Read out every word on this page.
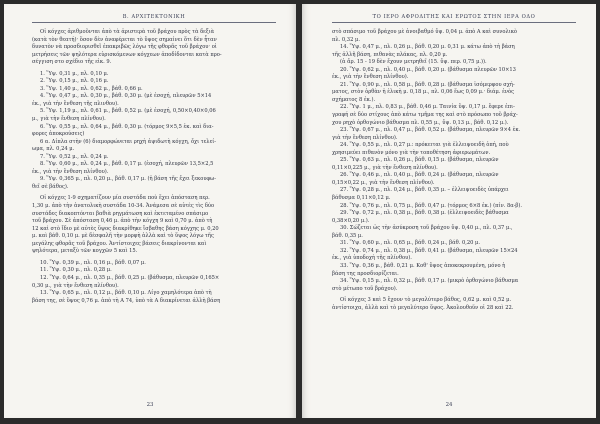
Β. ΑΡΧΙΤΕΚΤΟΝΙΚΗ

Οἱ κόγχες ἀριθμοῦνται ἀπὸ τὰ ἀριστερὰ τοῦ βράχου πρὸς τὰ δεξιὰ

(κατὰ τὸν θεατή)· ὅσον δὲν ἀναφέρεται τὸ ὕψος σημαίνει ὅτι δὲν ἦταν

δυνατὸν νὰ προσδιορισθεῖ ἐπακριβῶς λόγω τῆς φθορᾶς τοῦ βράχου· οἱ

μετρήσεις τῶν ψηλότερα εὑρισκόμενων κόγχεων ἀποδίδονται κατὰ προ-

σέγγιση στο σχέδιο τῆς εἰκ. 9.

1. Ὕψ. 0,31 μ., πλ. 0,10 μ.

2. Ὕψ. 0,15 μ., πλ. 0,16 μ.

3. Ὕψ. 1,40 μ., πλ. 0,62 μ., βάθ. 0,66 μ.

4. Ὕψ. 0,47 μ., πλ. 0,30 μ., βάθ. 0,30 μ. (μὲ ἐσοχή, πλευρῶν 5×14

ἑκ., γιὰ τὴν ἔνθεση τῆς πλινθου).

5. Ὕψ. 1,19 μ., πλ. 0,61 μ., βάθ. 0,52 μ. (μὲ ἐσοχή, 0,50×0,40×0,06

μ., γιὰ τὴν ἔνθεση πλίνθου).

6. Ὕψ. 0,55 μ., πλ. 0,64 μ., βάθ. 0,30 μ. (τόρμος 9×5,5 ἑκ. καὶ δια-

φορες ἀποκρούσεις)

6 α. Δίπλα στὴν (6) διαμορφώνεται ρηχὴ ἀψιδωτὴ κόγχη, ὄχι τελεί-

ωμα, πλ. 0,24 μ.

7. Ὕψ. 0,52 μ., πλ. 0,24 μ.

8. Ὕψ. 0,60 μ., πλ. 0,24 μ., βάθ. 0,17 μ. (ἐσοχή, πλευρῶν 13,5×2,5

ἑκ., γιὰ τὴν ἔνθεση πλίνθου).

9. Ὕψ. 0,365 μ., πλ. 0,20 μ., βάθ. 0,17 μ. (ἡ βάση τῆς ἔχει ξεκουφω-

θεῖ σὲ βάθος).

Οἱ κόγχες 1-9 σχηματίζουν μία συστάδα ποὺ ἔχει ἀπόσταση περ.

1,30 μ. ἀπὸ τὴν ἀνατολικὴ συστάδα 10-34. Ἀνάμεσα σὲ αὐτὲς τὶς δύο

συστάδες διακοπτόνται βαθιὰ ρηγμάτωση καὶ ἐκτεταμένο σπάσιμο

τοῦ βράχου. Σὲ ἀπόσταση 0,46 μ. ἀπὸ τὴν κόγχη 9 καὶ 0,70 μ. ἀπὸ τὴ

12 καὶ στὸ ἴδιο μὲ αὐτὲς ὕψος διακρίθηκε ἴσβαθης βάση κόγχης μ. 0,20

μ. καὶ βάθ. 0,10 μ. μὲ δὲσφαλῆ τὴν μορφὴ ἀλλὰ καὶ τὸ ὕψος λόγω τῆς

μεγάλης φθορᾶς τοῦ βράχου. Ἀντίστοιχες βάσεις διακρίνονται καὶ

ψηλότερα, μεταξὺ τῶν κογχῶν 5 καὶ 15.

10. Ὕψ. 0,39 μ., πλ. 0,16 μ., βάθ. 0,07 μ.

11. Ὕψ. 0,30 μ., πλ. 0,28 μ.

12. Ὕψ. 0,64 μ., πλ. 0,35 μ., βάθ. 0,25 μ. (βάθυσμα, πλευρῶν 0,165×

0,30 μ., γιὰ τὴν ἔνθεση πλίνθου).

13. Ὕψ. 0,65 μ., πλ. 0,12 μ., βάθ. 0,10 μ. Λίγο χαμηλότερα ἀπὸ τὴ

βάση της, σὲ ὕψος 0,76 μ. ἀπὸ τὴ Α 74, ὑπὸ τὰ Α διακρίνεται ἀλλὴ βάση

23
ΤΟ ΙΕΡΟ ΑΦΡΟΔΙΤΗΣ ΚΑΙ ΕΡΩΤΟΣ ΣΤΗΝ ΙΕΡΑ ΟΔΟ

στὸ σπάσιμο τοῦ βράχου μὲ ἀνοιβαθμό ὕψ. 0,04 μ. ἀπὸ Α καὶ συνολικὸ

πλ. 0,32 μ.

14. Ὕψ. 0,47 μ., πλ. 0,26 μ., βάθ. 0,20 μ. 0,31 μ. κάτω ἀπὸ τὴ βάση

τῆς ἀλλῆ βάση, πιθανὰς πλάκας, πλ. 0,20 μ.

(ἀ ἄρ. 15 - 19 δὲν ἔχουν μετρηθεῖ (15. ὕψ. περ. 0,75 μ.)).

20. Ὕψ. 0,62 μ., πλ. 0,40 μ., βάθ. 0,20 μ. (βάθυσμα πλευρῶν 10×13

ἑκ., γιὰ τὴν ἔνθεση πλίνθου).

21. Ὕψ. 0,90 μ., πλ. 0,58 μ., βάθ. 0,28 μ. (βάθυσμα ἰσόμερφου σχή-

ματος, στὸν ὀρθὰν ἡ ἑλικὴ μ. 0,18 μ., πλ. 0,06 ἕως 0,09 μ.· διάμ. ἑνὸς

σχήματος 8 ἑκ.).

22. Ὕψ. 1 μ., πλ. 0,83 μ., βάθ. 0,46 μ. Ταινία ὕψ. 0,17 μ. ἔφερε ἐπι-

γραφή σὲ δύο στίχους ἀπὸ κάτω τμῆμα της καὶ στὸ πρόσωπο τοῦ βράχ-

χου ρηχὸ ὀρθογώνιο βάθυσμα πλ. 0,55 μ., ὕψ. 0,13 μ., βάθ. 0,12 μ.).

23. Ὕψ. 0,67 μ., πλ. 0,47 μ., βάθ. 0,52 μ. (βάθυσμα, πλευρῶν 9×4 ἑκ.

γιὰ τὴν ἔνθεση πλίνθου).

24. Ὕψ. 0,55 μ., πλ. 0,27 μ.: πρόκειται γιὰ ἐλλειψοειδὴ ὀπή, ποὺ

χρησιμεύει πιθανὸν μόνο γιὰ τὴν τοποθέτηση ἀφιερωμάτων.

25. Ὕψ. 0,63 μ., πλ. 0,26 μ., βάθ. 0,15 μ. (βάθυσμα, πλευρῶν

0,11×0,225 μ., γιὰ τὴν ἔνθεση πλίνθου).

26. Ὕψ. 0,46 μ., πλ. 0,40 μ., βάθ. 0,24 μ. (βάθυσμα, πλευρῶν

0,15×0,22 μ., γιὰ τὴν ἔνθεση πλίνθου).

27. Ὕψ. 0,28 μ., πλ. 0,24 μ., βάθ. 0,35 μ. – ἐλλειψοειδὲς ὑπάρχει

βάθυσμα 0,11×0,12 μ.

28. Ὕψ. 0,76 μ., πλ. 0,75 μ., βάθ. 0,47 μ. (τόρμος 6×8 ἑκ.) (πίν. 8α-β).

29. Ὕψ. 0,72 μ., πλ. 0,38 μ., βάθ. 0,38 μ. (ἐλλειψοειδὲς βάθυσμα

0,38×0,20 μ.).

30. Σώζεται ὡς τὴν ἀσύκροση τοῦ βράχου ὕψ. 0,40 μ., πλ. 0,37 μ.,

βάθ. 0,35 μ.

31. Ὕψ. 0,60 μ., πλ. 0,65 μ., βάθ. 0,24 μ., βάθ. 0,20 μ.

32. Ὕψ. 0,74 μ., πλ. 0,38 μ., βάθ. 0,41 μ. (βάθυσμα, πλευρῶν 15×24

ἑκ., γιὰ ὑποδοχὴ τῆς πλίνθου).

33. Ὕψ. 0,36 μ., βάθ. 0,21 μ. Κοθ' ὕψος ἀποκεκρουμένη, μόνο ἡ

βάση της προσδιορίζεται.

34. Ὕψ. 0,15 μ., πλ. 0,32 μ., βάθ. 0,17 μ. (μικρὸ ὀρθογώνιο βάθυσμα

στὸ μέτωπο τοῦ βράχου).

Οἱ κόγχες 3 καὶ 5 ἔχουν τὸ μεγαλύτερο βάθος, 0,62 μ. καὶ 0,52 μ.

ἀντίστοιχα, ἀλλὰ καὶ τὸ μεγαλύτερο ὕψος. Ἀκολουθοῦν οἱ 28 καὶ 22.

24
